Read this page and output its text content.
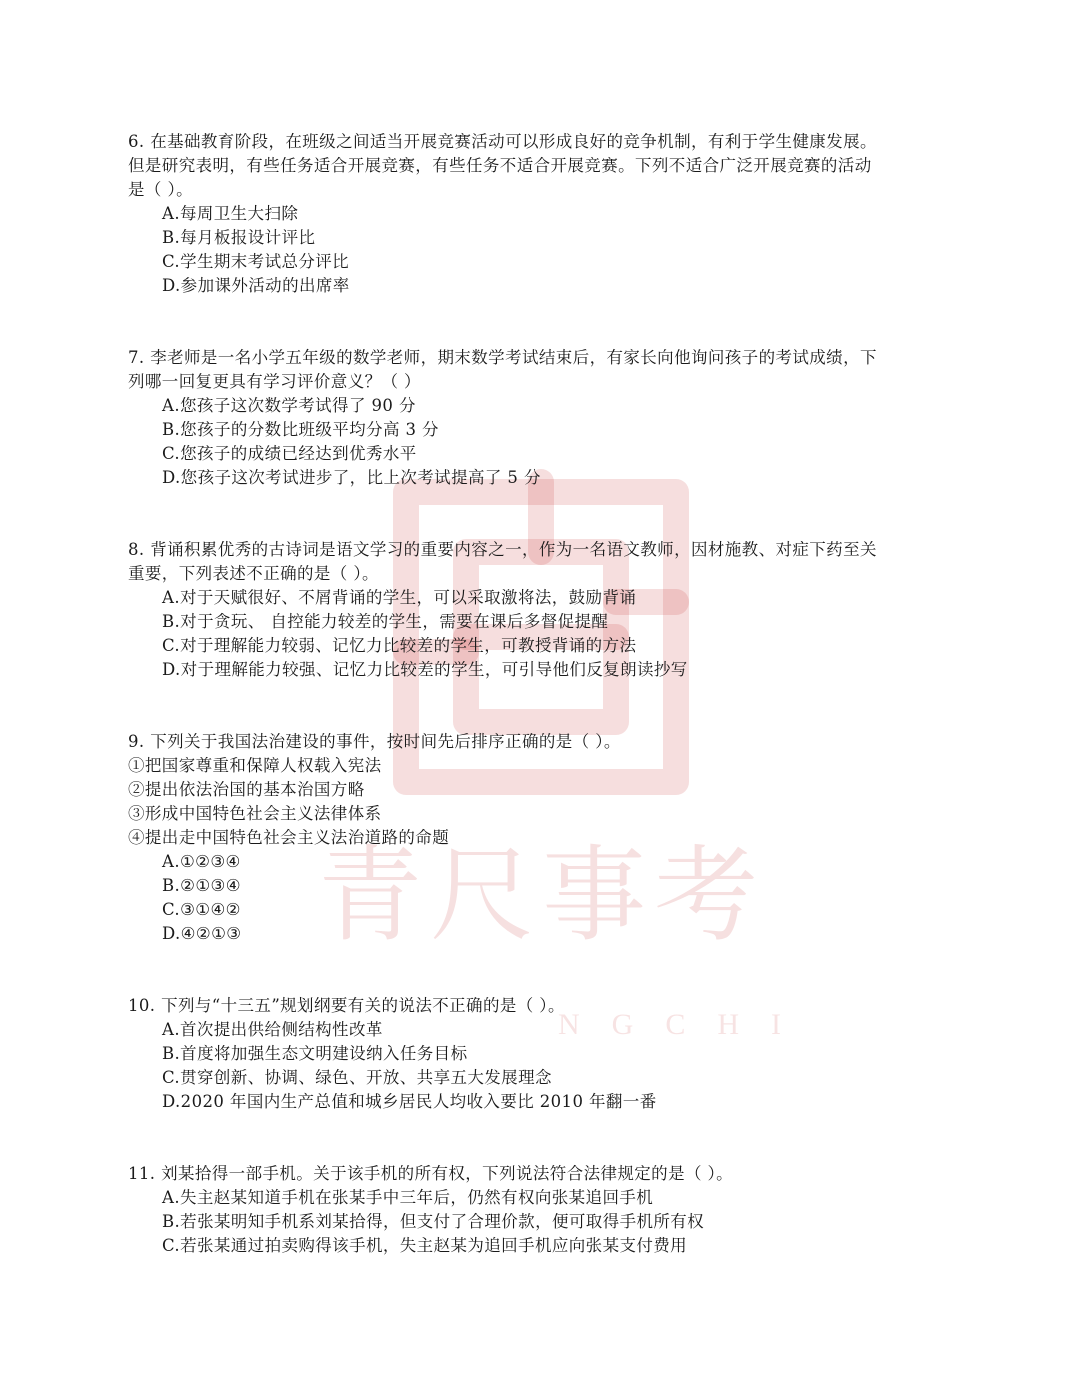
青尺事考
NGCHI
6. 在基础教育阶段，在班级之间适当开展竞赛活动可以形成良好的竞争机制，有利于学生健康发展。
但是研究表明，有些任务适合开展竞赛，有些任务不适合开展竞赛。下列不适合广泛开展竞赛的活动
是（ ）。
A.每周卫生大扫除
B.每月板报设计评比
C.学生期末考试总分评比
D.参加课外活动的出席率
7. 李老师是一名小学五年级的数学老师，期末数学考试结束后，有家长向他询问孩子的考试成绩，下
列哪一回复更具有学习评价意义？（ ）
A.您孩子这次数学考试得了 90 分
B.您孩子的分数比班级平均分高 3 分
C.您孩子的成绩已经达到优秀水平
D.您孩子这次考试进步了，比上次考试提高了 5 分
8. 背诵积累优秀的古诗词是语文学习的重要内容之一，作为一名语文教师，因材施教、对症下药至关
重要，下列表述不正确的是（ ）。
A.对于天赋很好、不屑背诵的学生，可以采取激将法，鼓励背诵
B.对于贪玩、 自控能力较差的学生，需要在课后多督促提醒
C.对于理解能力较弱、记忆力比较差的学生，可教授背诵的方法
D.对于理解能力较强、记忆力比较差的学生，可引导他们反复朗读抄写
9. 下列关于我国法治建设的事件，按时间先后排序正确的是（ ）。
①把国家尊重和保障人权载入宪法
②提出依法治国的基本治国方略
③形成中国特色社会主义法律体系
④提出走中国特色社会主义法治道路的命题
A.①②③④
B.②①③④
C.③①④②
D.④②①③
10. 下列与“十三五”规划纲要有关的说法不正确的是（ ）。
A.首次提出供给侧结构性改革
B.首度将加强生态文明建设纳入任务目标
C.贯穿创新、协调、绿色、开放、共享五大发展理念
D.2020 年国内生产总值和城乡居民人均收入要比 2010 年翻一番
11. 刘某拾得一部手机。关于该手机的所有权，下列说法符合法律规定的是（ ）。
A.失主赵某知道手机在张某手中三年后，仍然有权向张某追回手机
B.若张某明知手机系刘某拾得，但支付了合理价款，便可取得手机所有权
C.若张某通过拍卖购得该手机，失主赵某为追回手机应向张某支付费用
